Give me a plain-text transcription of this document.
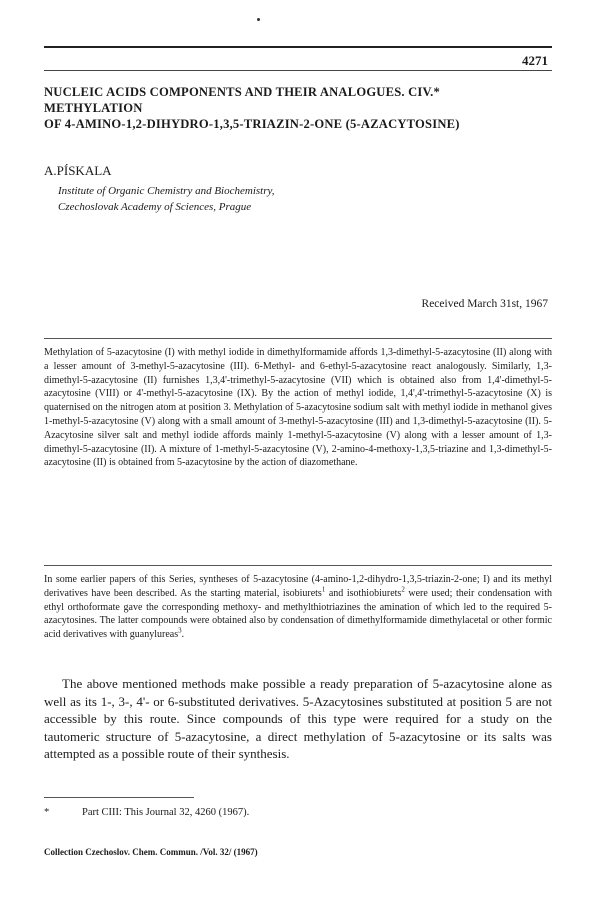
4271
NUCLEIC ACIDS COMPONENTS AND THEIR ANALOGUES. CIV.*
METHYLATION
OF 4-AMINO-1,2-DIHYDRO-1,3,5-TRIAZIN-2-ONE (5-AZACYTOSINE)
A.PÍSKALA
Institute of Organic Chemistry and Biochemistry,
Czechoslovak Academy of Sciences, Prague
Received March 31st, 1967
Methylation of 5-azacytosine (I) with methyl iodide in dimethylformamide affords 1,3-dimethyl-5-azacytosine (II) along with a lesser amount of 3-methyl-5-azacytosine (III). 6-Methyl- and 6-ethyl-5-azacytosine react analogously. Similarly, 1,3-dimethyl-5-azacytosine (II) furnishes 1,3,4'-trimethyl-5-azacytosine (VII) which is obtained also from 1,4'-dimethyl-5-azacytosine (VIII) or 4'-methyl-5-azacytosine (IX). By the action of methyl iodide, 1,4',4'-trimethyl-5-azacytosine (X) is quaternised on the nitrogen atom at position 3. Methylation of 5-azacytosine sodium salt with methyl iodide in methanol gives 1-methyl-5-azacytosine (V) along with a small amount of 3-methyl-5-azacytosine (III) and 1,3-dimethyl-5-azacytosine (II). 5-Azacytosine silver salt and methyl iodide affords mainly 1-methyl-5-azacytosine (V) along with a lesser amount of 1,3-dimethyl-5-azacytosine (II). A mixture of 1-methyl-5-azacytosine (V), 2-amino-4-methoxy-1,3,5-triazine and 1,3-dimethyl-5-azacytosine (II) is obtained from 5-azacytosine by the action of diazomethane.
In some earlier papers of this Series, syntheses of 5-azacytosine (4-amino-1,2-dihydro-1,3,5-triazin-2-one; I) and its methyl derivatives have been described. As the starting material, isobiurets$^1$ and isothiobiurets$^2$ were used; their condensation with ethyl orthoformate gave the corresponding methoxy- and methylthiotriazines the amination of which led to the required 5-azacytosines. The latter compounds were obtained also by condensation of dimethylformamide dimethylacetal or other formic acid derivatives with guanylureas$^3$.
The above mentioned methods make possible a ready preparation of 5-azacytosine alone as well as its 1-, 3-, 4'- or 6-substituted derivatives. 5-Azacytosines substituted at position 5 are not accessible by this route. Since compounds of this type were required for a study on the tautomeric structure of 5-azacytosine, a direct methylation of 5-azacytosine or its salts was attempted as a possible route of their synthesis.
*	Part CIII: This Journal 32, 4260 (1967).
Collection Czechoslov. Chem. Commun. /Vol. 32/ (1967)
